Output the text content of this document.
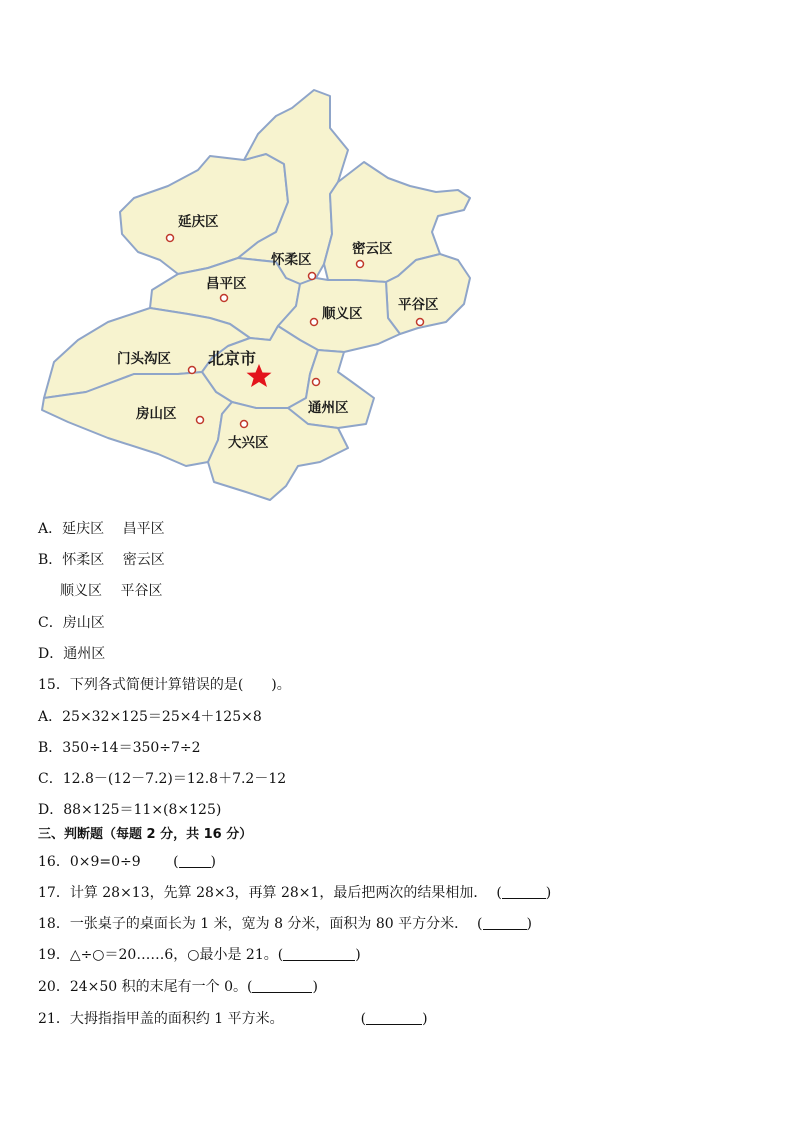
延庆区
怀柔区
密云区
昌平区
平谷区
顺义区
门头沟区 北京市
通州区
房山区
大兴区
A．延庆区　 昌平区
B．怀柔区　 密云区
顺义区　 平谷区
C．房山区
D．通州区
15．下列各式简便计算错误的是(　　)。
A．25×32×125＝25×4＋125×8
B．350÷14＝350÷7÷2
C．12.8－(12－7.2)＝12.8＋7.2－12
D．88×125＝11×(8×125)
三、判断题（每题 2 分，共 16 分）
16．0×9=0÷9　　 ( )
17．计算 28×13，先算 28×3，再算 28×1，最后把两次的结果相加．  (	)
18．一张桌子的桌面长为 1 米，宽为 8 分米，面积为 80 平方分米．  (	)
19．△÷○＝20……6，○最小是 21。(	)
20．24×50 积的末尾有一个 0。(	)
21．大拇指指甲盖的面积约 1 平方米。　　　　　　(	)
